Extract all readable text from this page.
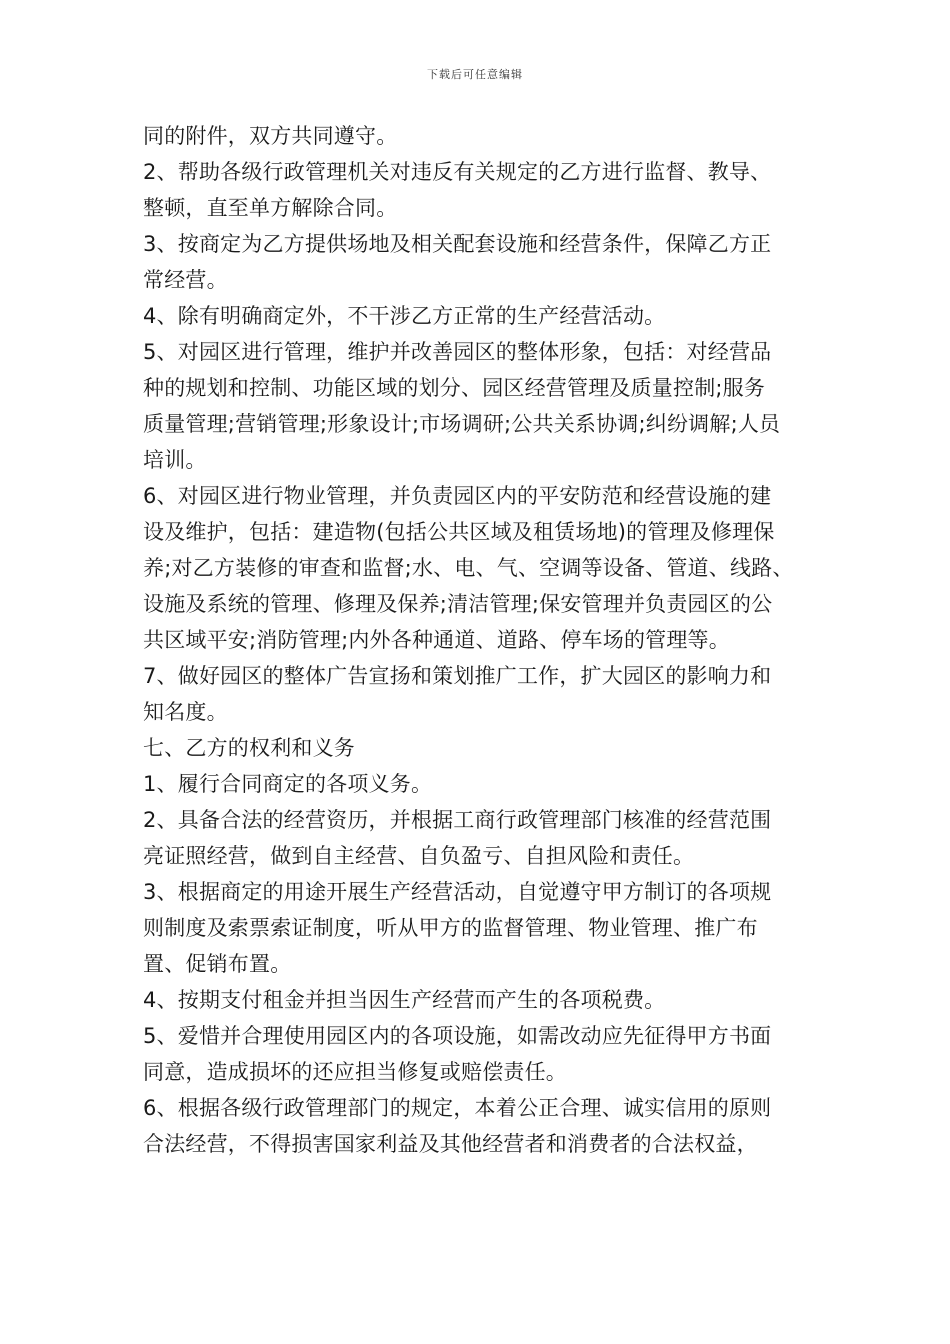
下载后可任意编辑
同的附件，双方共同遵守。
2、帮助各级行政管理机关对违反有关规定的乙方进行监督、教导、
整顿，直至单方解除合同。
3、按商定为乙方提供场地及相关配套设施和经营条件，保障乙方正
常经营。
4、除有明确商定外，不干涉乙方正常的生产经营活动。
5、对园区进行管理，维护并改善园区的整体形象，包括：对经营品
种的规划和控制、功能区域的划分、园区经营管理及质量控制;服务
质量管理;营销管理;形象设计;市场调研;公共关系协调;纠纷调解;人员
培训。
6、对园区进行物业管理，并负责园区内的平安防范和经营设施的建
设及维护，包括：建造物(包括公共区域及租赁场地)的管理及修理保
养;对乙方装修的审查和监督;水、电、气、空调等设备、管道、线路、
设施及系统的管理、修理及保养;清洁管理;保安管理并负责园区的公
共区域平安;消防管理;内外各种通道、道路、停车场的管理等。
7、做好园区的整体广告宣扬和策划推广工作，扩大园区的影响力和
知名度。
七、乙方的权利和义务
1、履行合同商定的各项义务。
2、具备合法的经营资历，并根据工商行政管理部门核准的经营范围
亮证照经营，做到自主经营、自负盈亏、自担风险和责任。
3、根据商定的用途开展生产经营活动，自觉遵守甲方制订的各项规
则制度及索票索证制度，听从甲方的监督管理、物业管理、推广布
置、促销布置。
4、按期支付租金并担当因生产经营而产生的各项税费。
5、爱惜并合理使用园区内的各项设施，如需改动应先征得甲方书面
同意，造成损坏的还应担当修复或赔偿责任。
6、根据各级行政管理部门的规定，本着公正合理、诚实信用的原则
合法经营，不得损害国家利益及其他经营者和消费者的合法权益，
